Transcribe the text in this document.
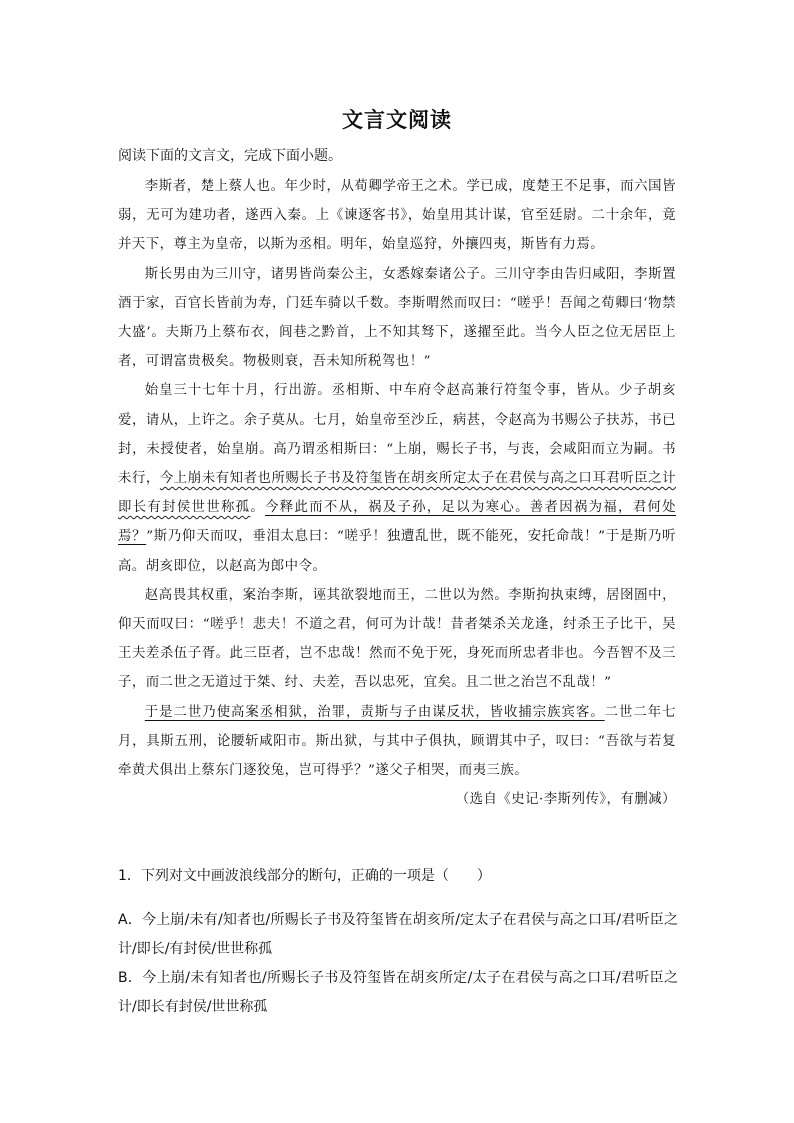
文言文阅读
阅读下面的文言文，完成下面小题。

李斯者，楚上蔡人也。年少时，从荀卿学帝王之术。学已成，度楚王不足事，而六国皆弱，无可为建功者，遂西入秦。上《谏逐客书》，始皇用其计谋，官至廷尉。二十余年，竟并天下，尊主为皇帝，以斯为丞相。明年，始皇巡狩，外攘四夷，斯皆有力焉。

斯长男由为三川守，诸男皆尚秦公主，女悉嫁秦诸公子。三川守李由告归咸阳，李斯置酒于家，百官长皆前为寿，门廷车骑以千数。李斯喟然而叹曰：“嗟乎！吾闻之荀卿曰‘物禁大盛’。夫斯乃上蔡布衣，闾巷之黔首，上不知其驽下，遂擢至此。当今人臣之位无居臣上者，可谓富贵极矣。物极则衰，吾未知所税驾也！”

始皇三十七年十月，行出游。丞相斯、中车府令赵高兼行符玺令事，皆从。少子胡亥爱，请从，上许之。余子莫从。七月，始皇帝至沙丘，病甚，令赵高为书赐公子扶苏，书已封，未授使者，始皇崩。高乃谓丞相斯曰：“上崩，赐长子书，与丧，会咸阳而立为嗣。书未行，今上崩未有知者也所赐长子书及符玺皆在胡亥所定太子在君侯与高之口耳君听臣之计即长有封侯世世称孤。今释此而不从，祸及子孙，足以为寒心。善者因祸为福，君何处焉？”斯乃仰天而叹，垂泪太息曰：“嗟乎！独遭乱世，既不能死，安托命哉！”于是斯乃听高。胡亥即位，以赵高为郎中令。

赵高畏其权重，案治李斯，诬其欲裂地而王，二世以为然。李斯拘执束缚，居囹圄中，仰天而叹曰：“嗟乎！悲夫！不道之君，何可为计哉！昔者桀杀关龙逢，纣杀王子比干，吴王夫差杀伍子胥。此三臣者，岂不忠哉！然而不免于死，身死而所忠者非也。今吾智不及三子，而二世之无道过于桀、纣、夫差，吾以忠死，宜矣。且二世之治岂不乱哉！”

于是二世乃使高案丞相狱，治罪，责斯与子由谋反状，皆收捕宗族宾客。二世二年七月，具斯五刑，论腰斩咸阳市。斯出狱，与其中子俱执，顾谓其中子，叹曰：“吾欲与若复牵黄犬俱出上蔡东门逐狡兔，岂可得乎？”遂父子相哭，而夷三族。

（选自《史记·李斯列传》，有删减）

1．下列对文中画波浪线部分的断句，正确的一项是（　　）

A．今上崩/未有/知者也/所赐长子书及符玺皆在胡亥所/定太子在君侯与高之口耳/君听臣之计/即长/有封侯/世世称孤

B．今上崩/未有知者也/所赐长子书及符玺皆在胡亥所定/太子在君侯与高之口耳/君听臣之计/即长有封侯/世世称孤
